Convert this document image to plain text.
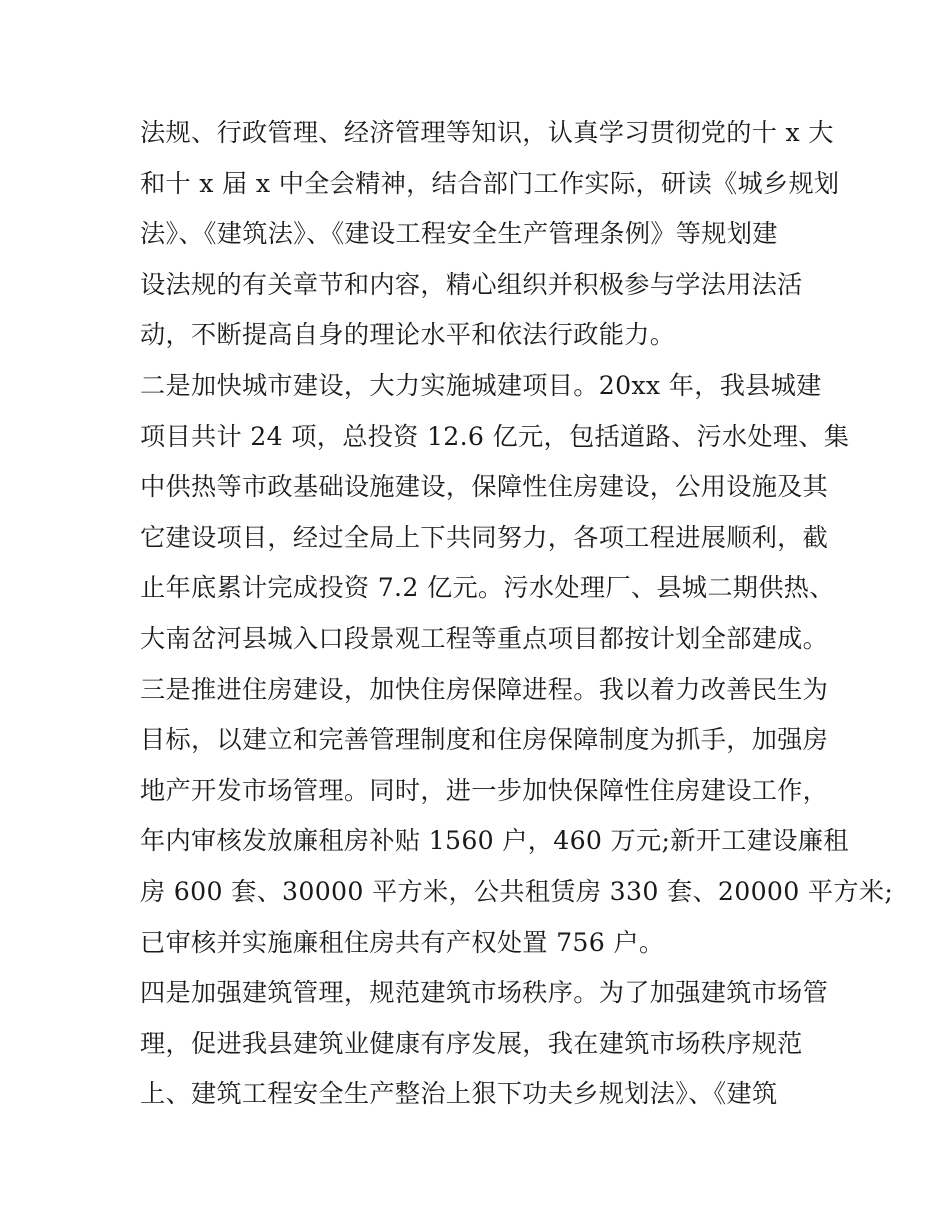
法规、行政管理、经济管理等知识，认真学习贯彻党的十 x 大
和十 x 届 x 中全会精神，结合部门工作实际，研读《城乡规划
法》、《建筑法》、《建设工程安全生产管理条例》等规划建
设法规的有关章节和内容，精心组织并积极参与学法用法活
动，不断提高自身的理论水平和依法行政能力。
二是加快城市建设，大力实施城建项目。20xx 年，我县城建
项目共计 24 项，总投资 12.6 亿元，包括道路、污水处理、集
中供热等市政基础设施建设，保障性住房建设，公用设施及其
它建设项目，经过全局上下共同努力，各项工程进展顺利，截
止年底累计完成投资 7.2 亿元。污水处理厂、县城二期供热、
大南岔河县城入口段景观工程等重点项目都按计划全部建成。
三是推进住房建设，加快住房保障进程。我以着力改善民生为
目标，以建立和完善管理制度和住房保障制度为抓手，加强房
地产开发市场管理。同时，进一步加快保障性住房建设工作，
年内审核发放廉租房补贴 1560 户，460 万元;新开工建设廉租
房 600 套、30000 平方米，公共租赁房 330 套、20000 平方米;
已审核并实施廉租住房共有产权处置 756 户。
四是加强建筑管理，规范建筑市场秩序。为了加强建筑市场管
理，促进我县建筑业健康有序发展，我在建筑市场秩序规范
上、建筑工程安全生产整治上狠下功夫乡规划法》、《建筑
